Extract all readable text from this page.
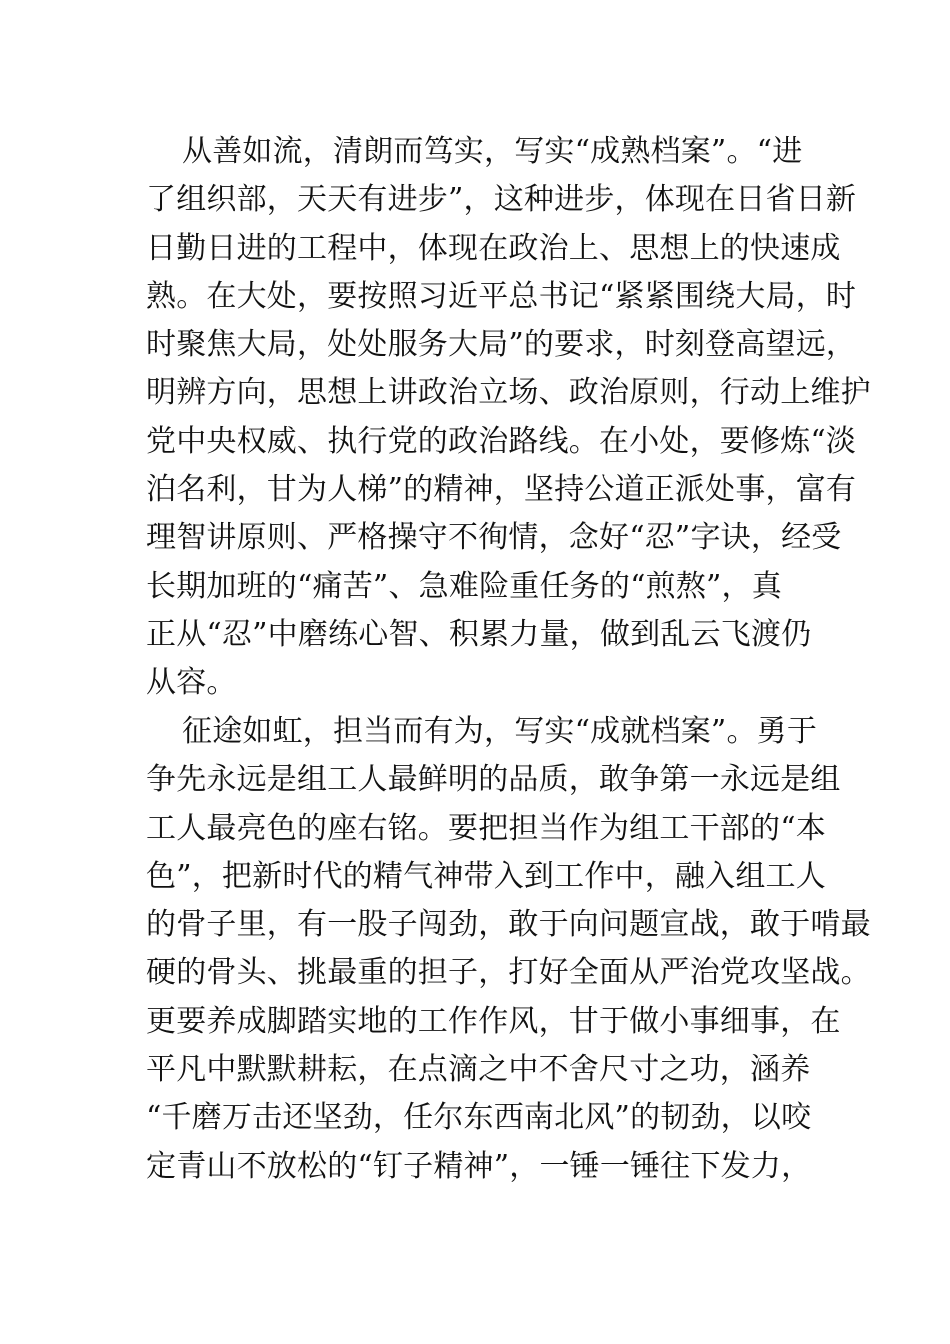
从善如流，清朗而笃实，写实“成熟档案”。“进
了组织部，天天有进步”，这种进步，体现在日省日新
日勤日进的工程中，体现在政治上、思想上的快速成
熟。在大处，要按照习近平总书记“紧紧围绕大局，时
时聚焦大局，处处服务大局”的要求，时刻登高望远，
明辨方向，思想上讲政治立场、政治原则，行动上维护
党中央权威、执行党的政治路线。在小处，要修炼“淡
泊名利，甘为人梯”的精神，坚持公道正派处事，富有
理智讲原则、严格操守不徇情，念好“忍”字诀，经受
长期加班的“痛苦”、急难险重任务的“煎熬”，真
正从“忍”中磨练心智、积累力量，做到乱云飞渡仍
从容。
征途如虹，担当而有为，写实“成就档案”。勇于
争先永远是组工人最鲜明的品质，敢争第一永远是组
工人最亮色的座右铭。要把担当作为组工干部的“本
色”，把新时代的精气神带入到工作中，融入组工人
的骨子里，有一股子闯劲，敢于向问题宣战，敢于啃最
硬的骨头、挑最重的担子，打好全面从严治党攻坚战。
更要养成脚踏实地的工作作风，甘于做小事细事，在
平凡中默默耕耘，在点滴之中不舍尺寸之功，涵养
“千磨万击还坚劲，任尔东西南北风”的韧劲，以咬
定青山不放松的“钉子精神”，一锤一锤往下发力，
